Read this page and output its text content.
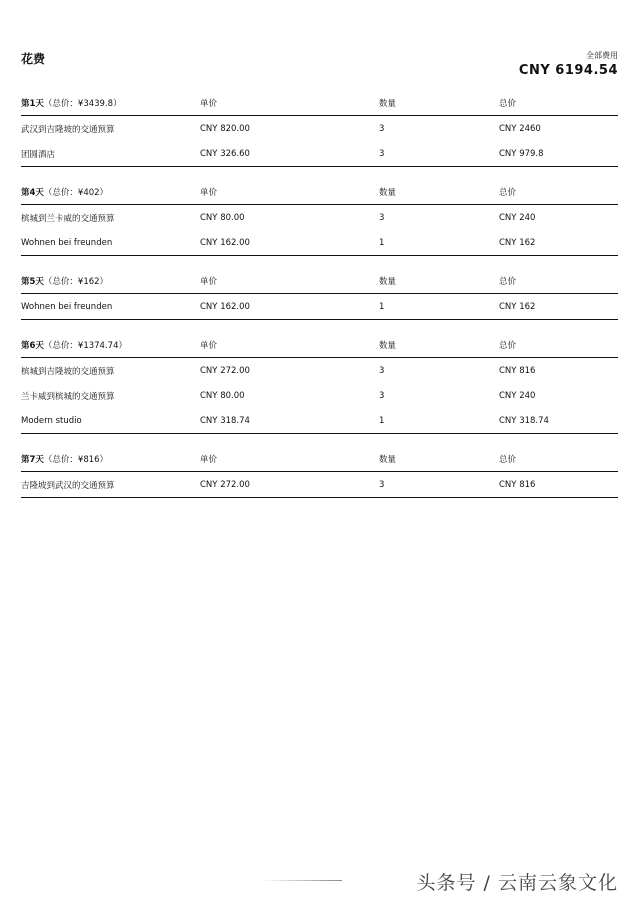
花费	全部费用
CNY 6194.54
第1天（总价：¥3439.8）	单价	数量	总价
武汉到吉隆坡的交通预算	CNY 820.00	3	CNY 2460
团圆酒店	CNY 326.60	3	CNY 979.8
第4天（总价：¥402）	单价	数量	总价
槟城到兰卡威的交通预算	CNY 80.00	3	CNY 240
Wohnen bei freunden	CNY 162.00	1	CNY 162
第5天（总价：¥162）	单价	数量	总价
Wohnen bei freunden	CNY 162.00	1	CNY 162
第6天（总价：¥1374.74）	单价	数量	总价
槟城到吉隆坡的交通预算	CNY 272.00	3	CNY 816
兰卡威到槟城的交通预算	CNY 80.00	3	CNY 240
Modern studio	CNY 318.74	1	CNY 318.74
第7天（总价：¥816）	单价	数量	总价
吉隆坡到武汉的交通预算	CNY 272.00	3	CNY 816
头条号 / 云南云象文化
